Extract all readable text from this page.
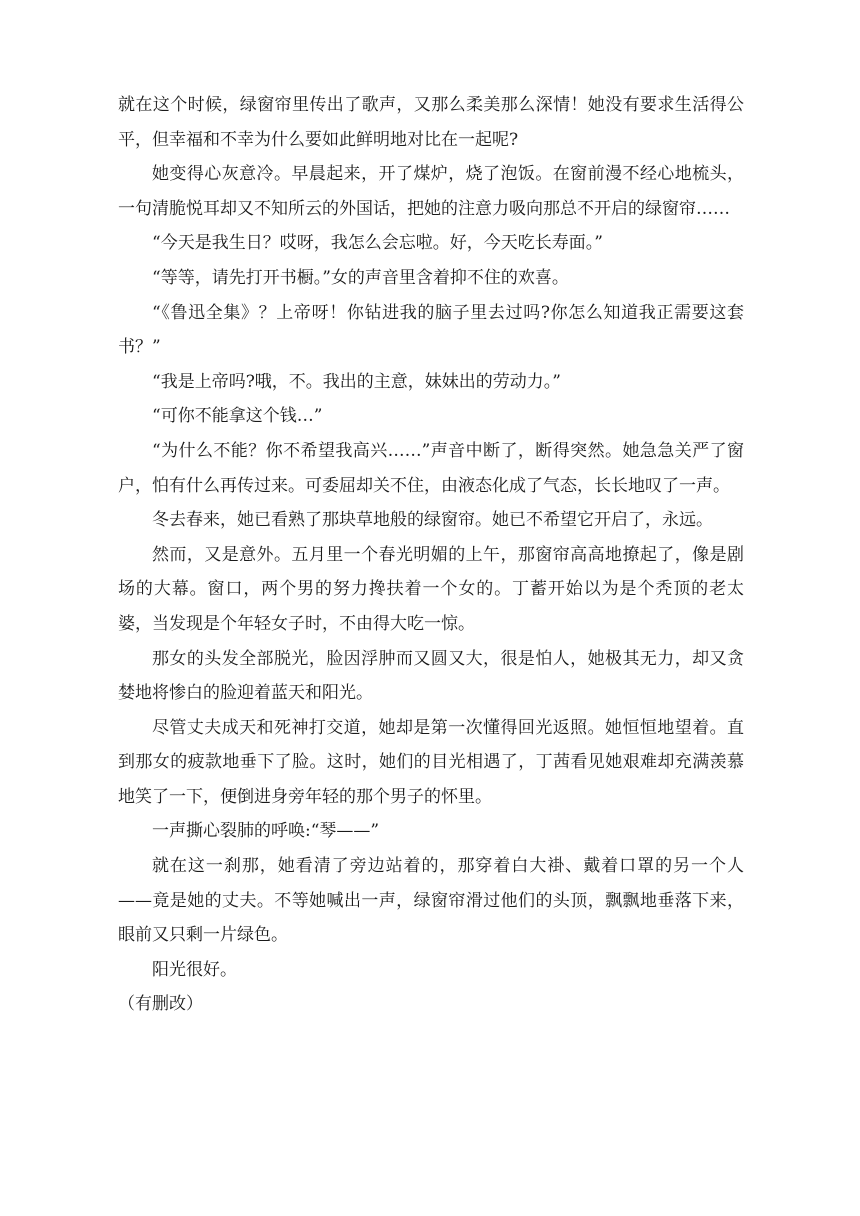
就在这个时候，绿窗帘里传出了歌声，又那么柔美那么深情！她没有要求生活得公平，但幸福和不幸为什么要如此鲜明地对比在一起呢?

她变得心灰意冷。早晨起来，开了煤炉，烧了泡饭。在窗前漫不经心地梳头，一句清脆悦耳却又不知所云的外国话，把她的注意力吸向那总不开启的绿窗帘……

“今天是我生日？哎呀，我怎么会忘啦。好，今天吃长寿面。”

“等等，请先打开书橱。”女的声音里含着抑不住的欢喜。

“《鲁迅全集》？上帝呀！你钻进我的脑子里去过吗?你怎么知道我正需要这套书？”

“我是上帝吗?哦，不。我出的主意，妹妹出的劳动力。”

“可你不能拿这个钱…”

“为什么不能？你不希望我高兴……”声音中断了，断得突然。她急急关严了窗户，怕有什么再传过来。可委屈却关不住，由液态化成了气态，长长地叹了一声。

冬去春来，她已看熟了那块草地般的绿窗帘。她已不希望它开启了，永远。

然而，又是意外。五月里一个春光明媚的上午，那窗帘高高地撩起了，像是剧场的大幕。窗口，两个男的努力搀扶着一个女的。丁蓄开始以为是个秃顶的老太婆，当发现是个年轻女子时，不由得大吃一惊。

那女的头发全部脱光，脸因浮肿而又圆又大，很是怕人，她极其无力，却又贪婪地将惨白的脸迎着蓝天和阳光。

尽管丈夫成天和死神打交道，她却是第一次懂得回光返照。她恒恒地望着。直到那女的疲款地垂下了脸。这时，她们的目光相遇了，丁茜看见她艰难却充满羡慕地笑了一下，便倒进身旁年轻的那个男子的怀里。

一声撕心裂肺的呼唤:“琴——”

就在这一刹那，她看清了旁边站着的，那穿着白大褂、戴着口罩的另一个人——竟是她的丈夫。不等她喊出一声，绿窗帘滑过他们的头顶，飘飘地垂落下来，眼前又只剩一片绿色。

阳光很好。

（有删改）
